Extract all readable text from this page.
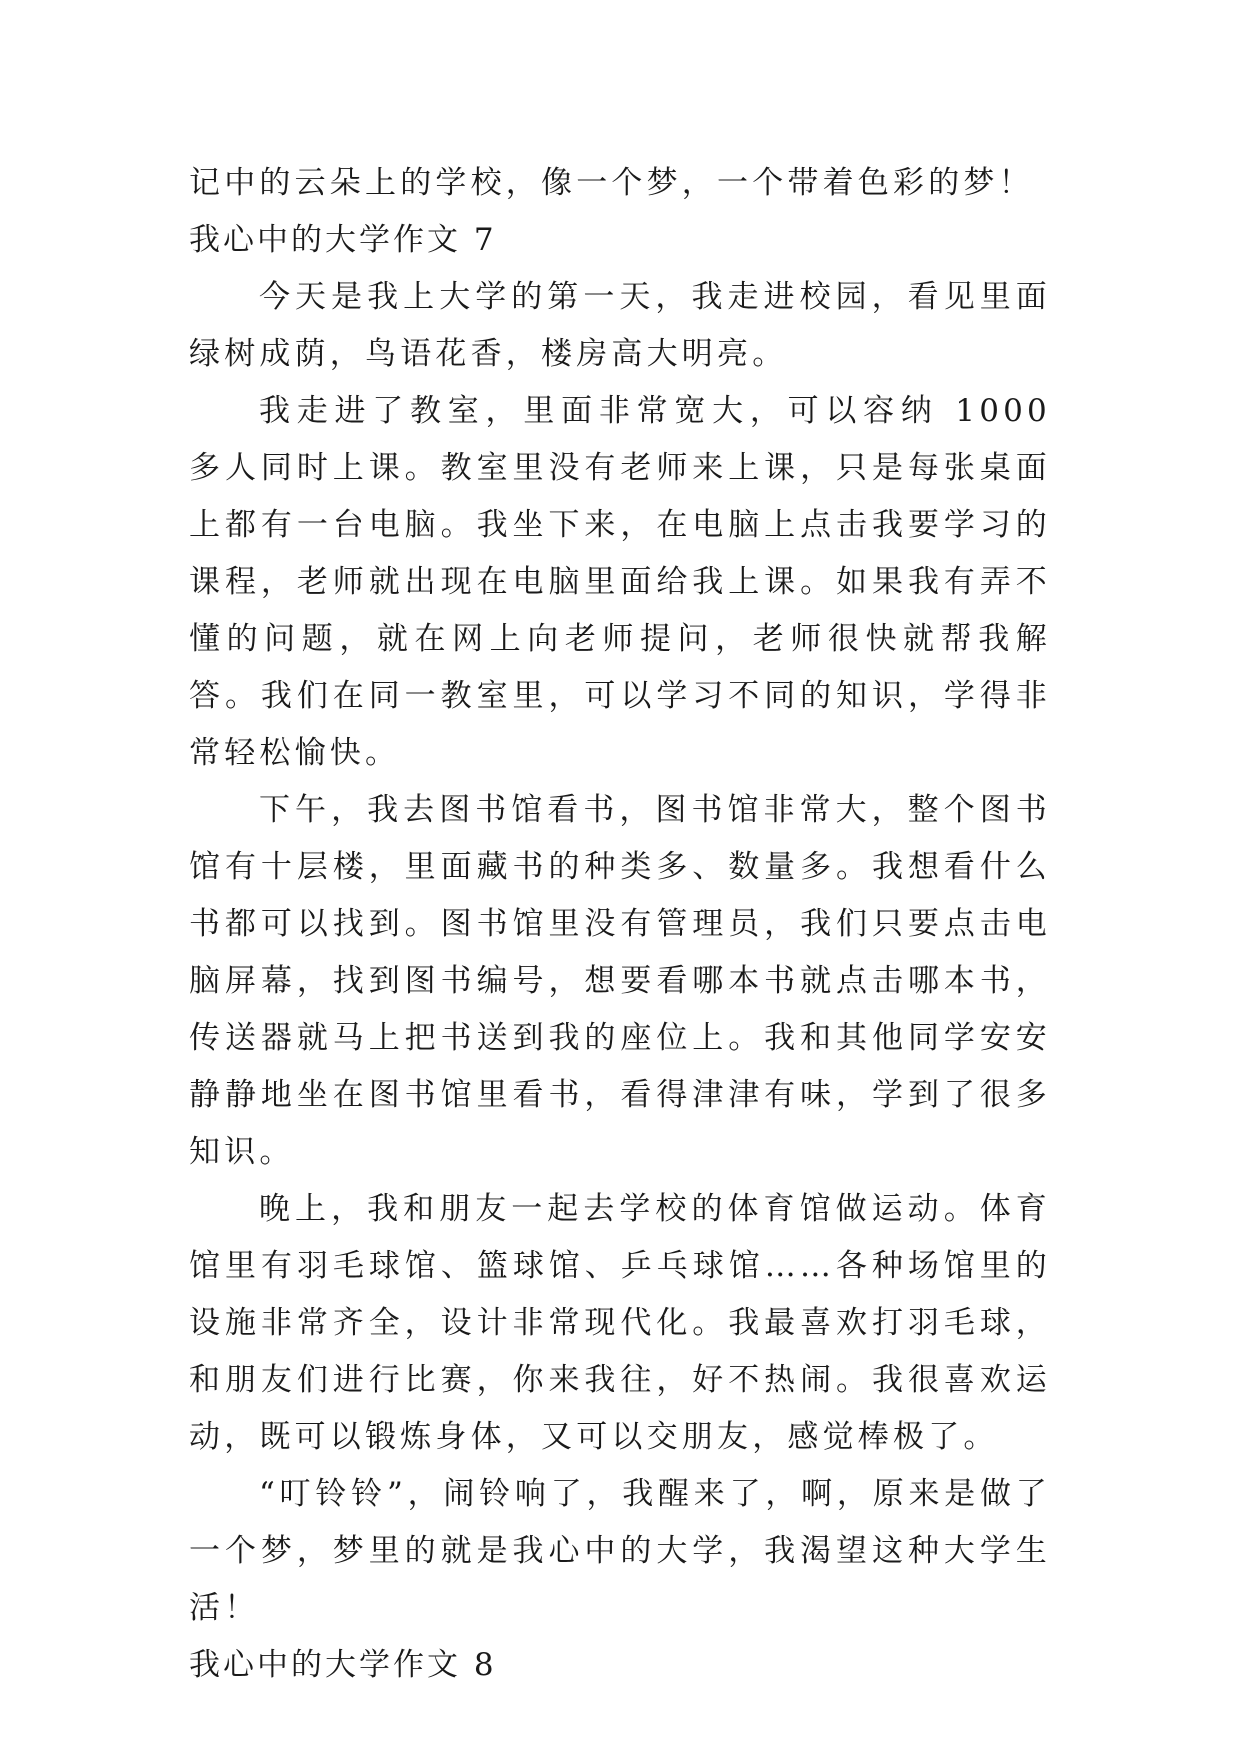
记中的云朵上的学校，像一个梦，一个带着色彩的梦！

我心中的大学作文 7

今天是我上大学的第一天，我走进校园，看见里面绿树成荫，鸟语花香，楼房高大明亮。

我走进了教室，里面非常宽大，可以容纳 1000 多人同时上课。教室里没有老师来上课，只是每张桌面上都有一台电脑。我坐下来，在电脑上点击我要学习的课程，老师就出现在电脑里面给我上课。如果我有弄不懂的问题，就在网上向老师提问，老师很快就帮我解答。我们在同一教室里，可以学习不同的知识，学得非常轻松愉快。

下午，我去图书馆看书，图书馆非常大，整个图书馆有十层楼，里面藏书的种类多、数量多。我想看什么书都可以找到。图书馆里没有管理员，我们只要点击电脑屏幕，找到图书编号，想要看哪本书就点击哪本书，传送器就马上把书送到我的座位上。我和其他同学安安静静地坐在图书馆里看书，看得津津有味，学到了很多知识。

晚上，我和朋友一起去学校的体育馆做运动。体育馆里有羽毛球馆、篮球馆、乒乓球馆……各种场馆里的设施非常齐全，设计非常现代化。我最喜欢打羽毛球，和朋友们进行比赛，你来我往，好不热闹。我很喜欢运动，既可以锻炼身体，又可以交朋友，感觉棒极了。

“叮铃铃”，闹铃响了，我醒来了，啊，原来是做了一个梦，梦里的就是我心中的大学，我渴望这种大学生活！

我心中的大学作文 8
